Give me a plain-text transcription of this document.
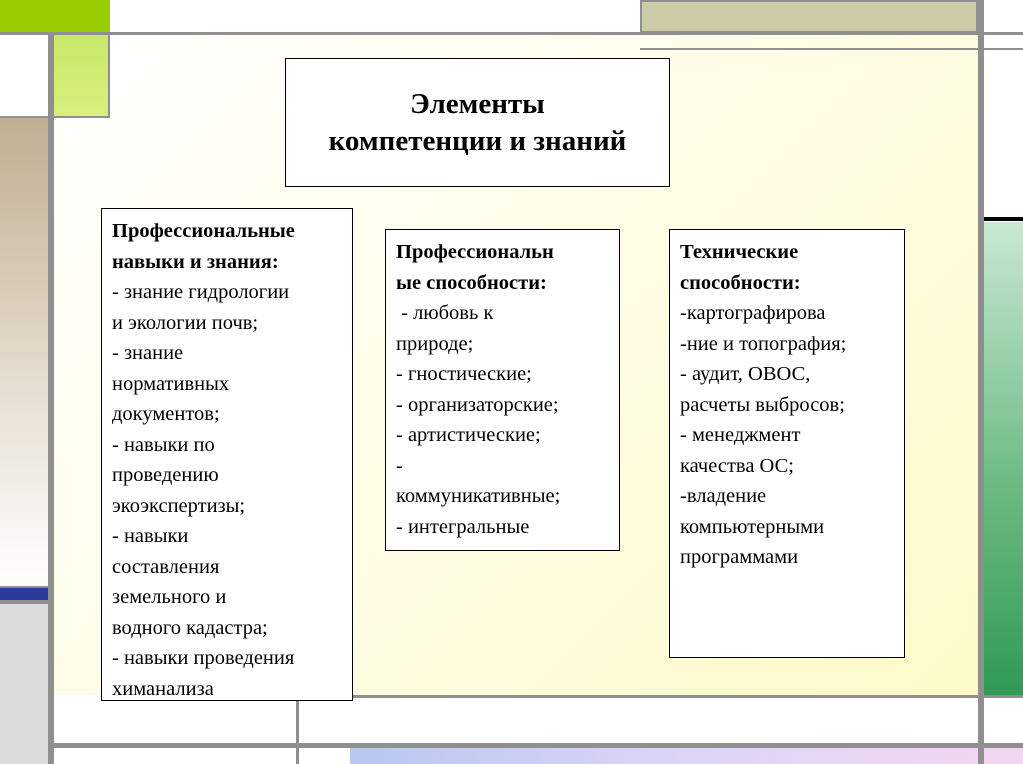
Элементы
компетенции и знаний
Профессиональные
навыки и знания:
- знание гидрологии
и экологии почв;
- знание
нормативных
документов;
- навыки по
проведению
экоэкспертизы;
- навыки
составления
земельного и
водного кадастра;
- навыки проведения
химанализа
Профессиональн
ые способности:
- любовь к
природе;
- гностические;
- организаторские;
- артистические;
-
коммуникативные;
- интегральные
Технические
способности:
-картографирова
-ние и топография;
- аудит, ОВОС,
расчеты выбросов;
- менеджмент
качества ОС;
-владение
компьютерными
программами
